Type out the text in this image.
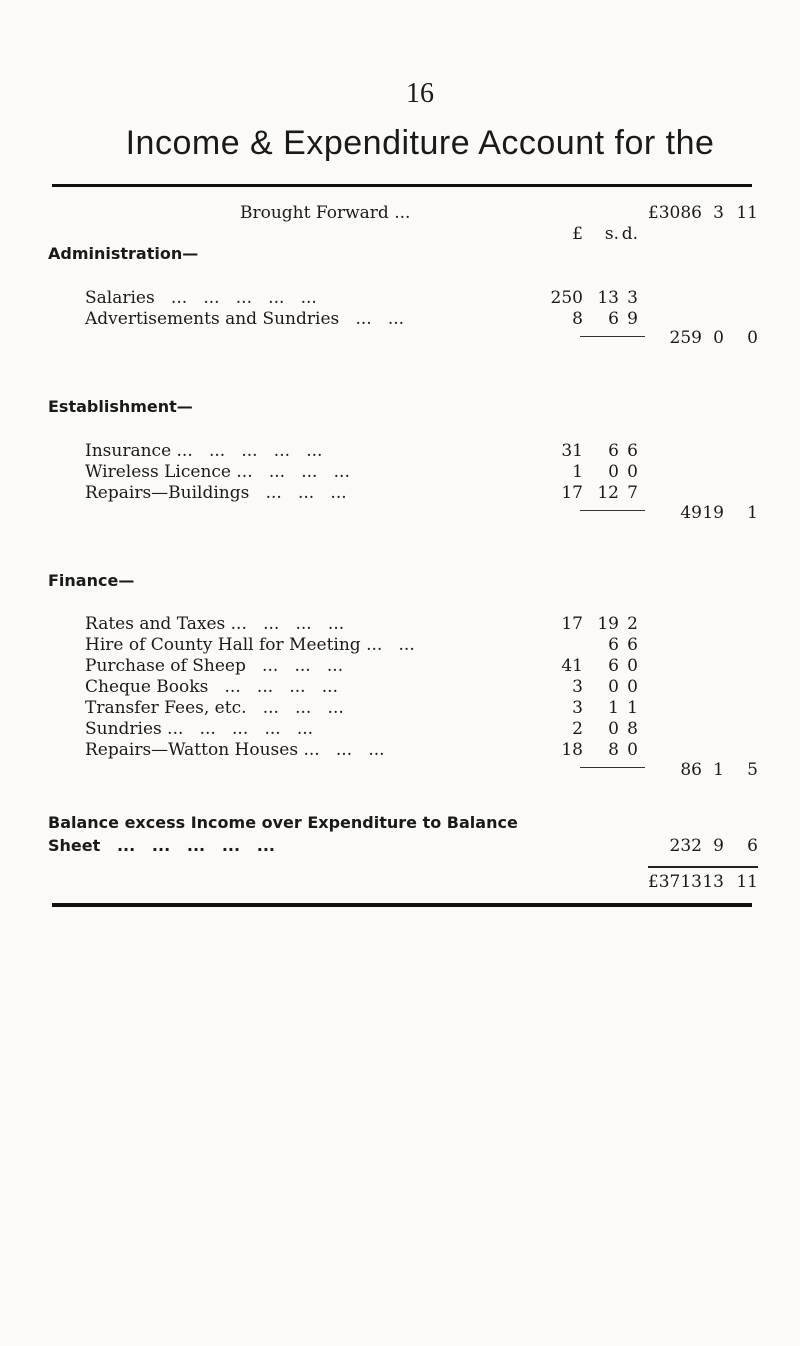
16
Income & Expenditure Account for the
Brought Forward ...	£3086 3 11
£	s. d.
Administration—
Salaries   ...   ...   ...   ...   ...	250 13 3
Advertisements and Sundries   ...   ...	8	6 9
259 0	0
Establishment—
Insurance ...   ...   ...   ...   ...	31	6 6
Wireless Licence ...   ...   ...   ...	1	0 0
Repairs—Buildings   ...   ...   ...	17 12 7
49 19	1
Finance—
Rates and Taxes ...   ...   ...   ...	17 19 2
Hire of County Hall for Meeting ...   ...	6 6
Purchase of Sheep   ...   ...   ...	41	6 0
Cheque Books   ...   ...   ...   ...	3	0 0
Transfer Fees, etc.   ...   ...   ...	3	1 1
Sundries ...   ...   ...   ...   ...	2	0 8
Repairs—Watton Houses ...   ...   ...	18	8 0
86 1	5
Balance excess Income over Expenditure to Balance
Sheet   ...   ...   ...   ...   ...	232 9	6
£3713 13 11
